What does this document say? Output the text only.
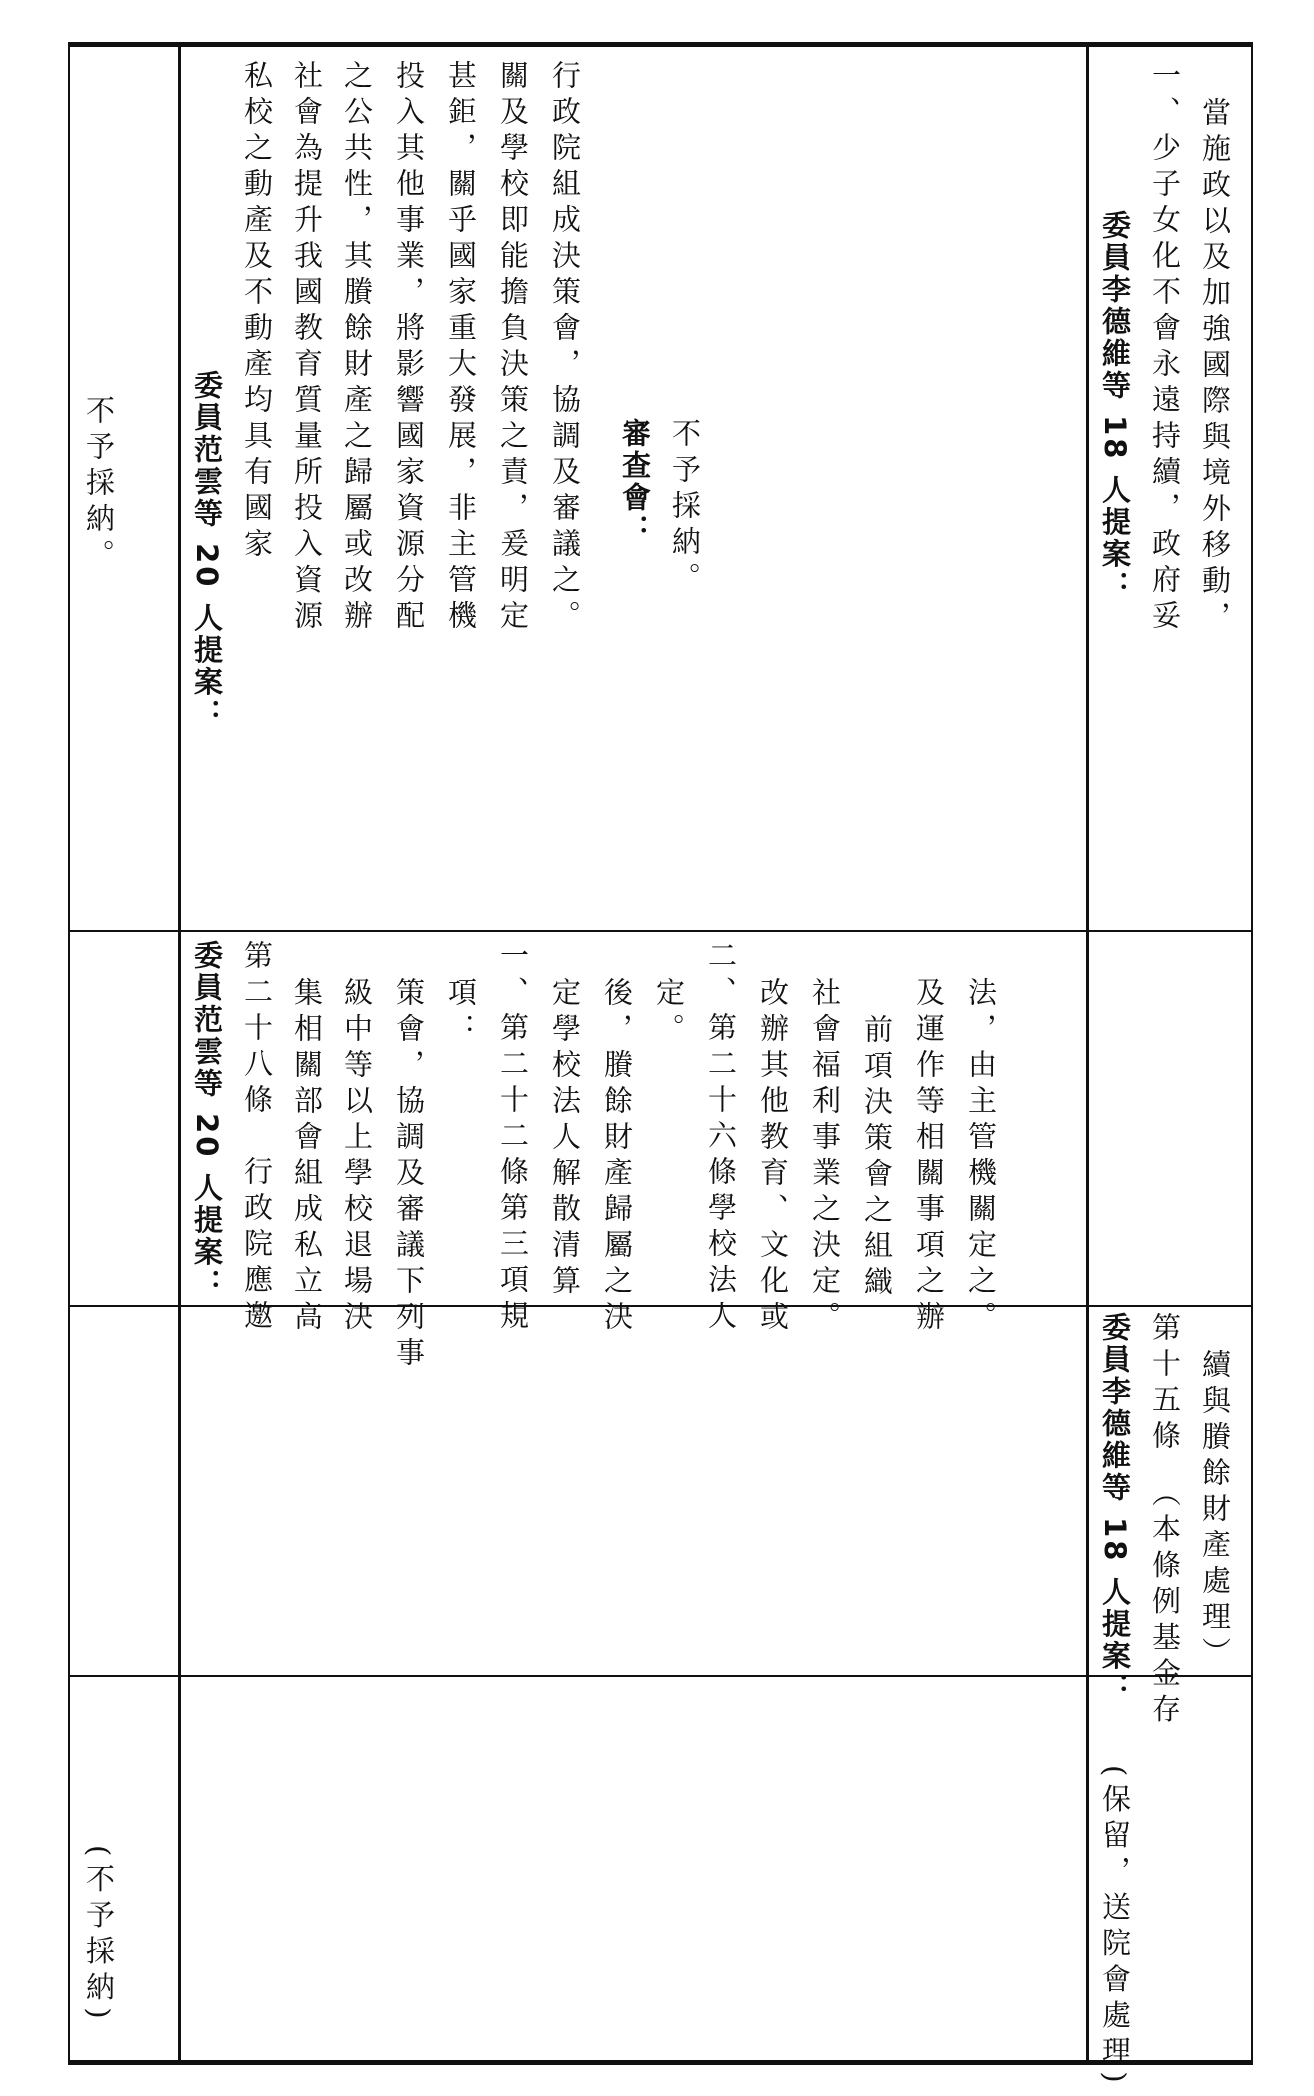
不予採納。
(不予採納)
委員范雲等 20 人提案： 私校之動產及不動產均具有國家 社會為提升我國教育質量所投入資源 之公共性，其賸餘財產之歸屬或改辦 投入其他事業，將影響國家資源分配 甚鉅，關乎國家重大發展，非主管機 關及學校即能擔負決策之責，爰明定 行政院組成決策會，協調及審議之。 審查會： 不予採納。
委員范雲等 20 人提案： 第二十八條　行政院應邀 集相關部會組成私立高 級中等以上學校退場決 策會，協調及審議下列事 項： 一、第二十二條第三項規 定學校法人解散清算 後，賸餘財產歸屬之決 定。 二、第二十六條學校法人 改辦其他教育、文化或 社會福利事業之決定。 前項決策會之組織 及運作等相關事項之辦 法，由主管機關定之。
委員李德維等 18 人提案： 一、少子女化不會永遠持續，政府妥 當施政以及加強國際與境外移動，
委員李德維等 18 人提案： 第十五條　（本條例基金存 續與賸餘財產處理）
(保留，送院會處理)
